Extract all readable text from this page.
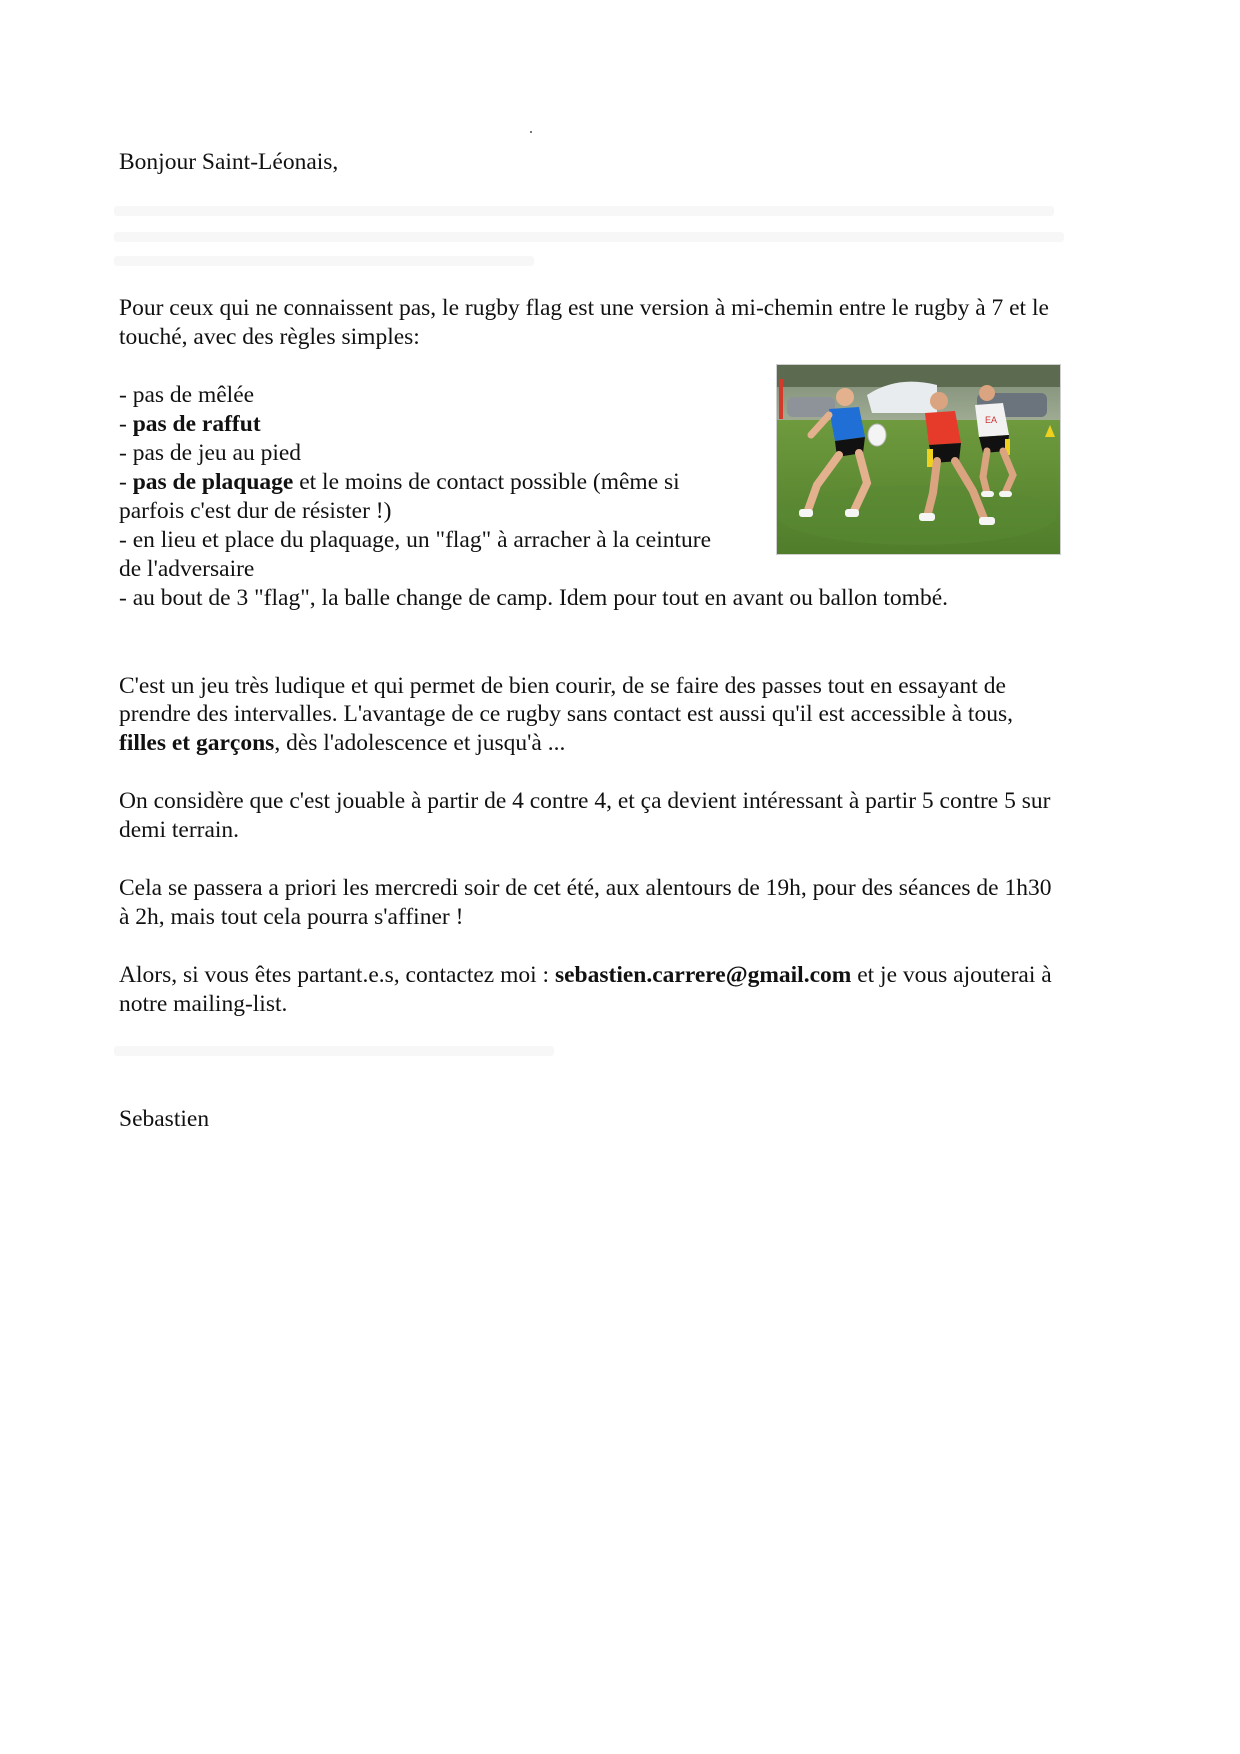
Bonjour Saint-Léonais,
Pour ceux qui ne connaissent pas, le rugby flag est une version à mi-chemin entre le rugby à 7 et le
touché, avec des règles simples:
- pas de mêlée
- pas de raffut
- pas de jeu au pied
- pas de plaquage et le moins de contact possible (même si
parfois c'est dur de résister !)
- en lieu et place du plaquage, un "flag" à arracher à la ceinture
de l'adversaire
- au bout de 3 "flag", la balle change de camp. Idem pour tout en avant ou ballon tombé.
EA
C'est un jeu très ludique et qui permet de bien courir, de se faire des passes tout en essayant de
prendre des intervalles. L'avantage de ce rugby sans contact est aussi qu'il est accessible à tous,
filles et garçons, dès l'adolescence et jusqu'à ...
On considère que c'est jouable à partir de 4 contre 4, et ça devient intéressant à partir 5 contre 5 sur
demi terrain.
Cela se passera a priori les mercredi soir de cet été, aux alentours de 19h, pour des séances de 1h30
à 2h, mais tout cela pourra s'affiner !
Alors, si vous êtes partant.e.s, contactez moi : sebastien.carrere@gmail.com et je vous ajouterai à
notre mailing-list.
Sebastien
